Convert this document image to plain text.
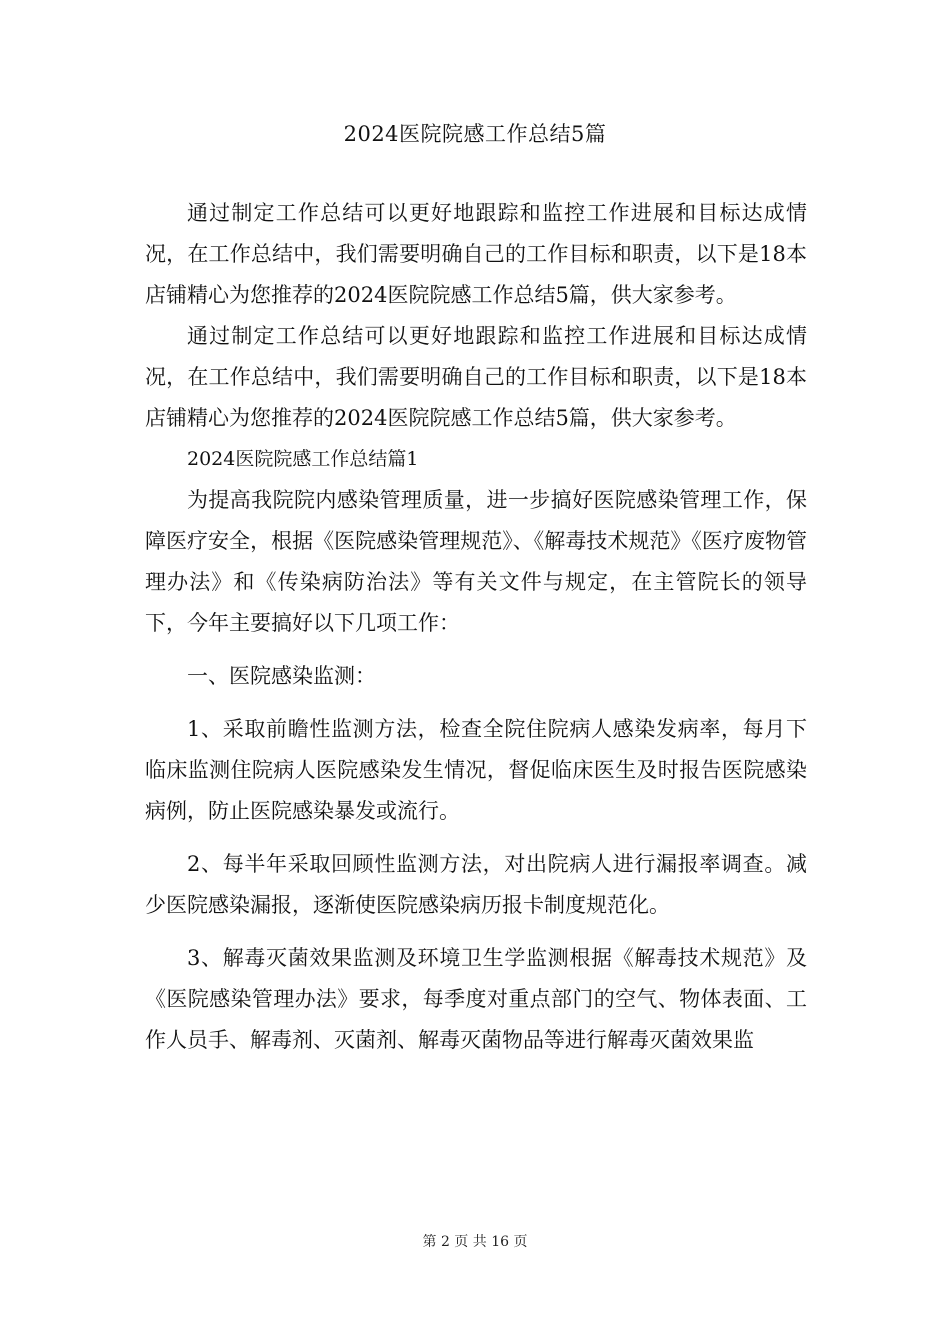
2024医院院感工作总结5篇

通过制定工作总结可以更好地跟踪和监控工作进展和目标达成情况，在工作总结中，我们需要明确自己的工作目标和职责，以下是18本店铺精心为您推荐的2024医院院感工作总结5篇，供大家参考。

通过制定工作总结可以更好地跟踪和监控工作进展和目标达成情况，在工作总结中，我们需要明确自己的工作目标和职责，以下是18本店铺精心为您推荐的2024医院院感工作总结5篇，供大家参考。

2024医院院感工作总结篇1

为提高我院院内感染管理质量，进一步搞好医院感染管理工作，保障医疗安全，根据《医院感染管理规范》、《解毒技术规范》《医疗废物管理办法》和《传染病防治法》等有关文件与规定，在主管院长的领导下，今年主要搞好以下几项工作：

一、医院感染监测：

1、采取前瞻性监测方法，检查全院住院病人感染发病率，每月下临床监测住院病人医院感染发生情况，督促临床医生及时报告医院感染病例，防止医院感染暴发或流行。

2、每半年采取回顾性监测方法，对出院病人进行漏报率调查。减少医院感染漏报，逐渐使医院感染病历报卡制度规范化。

3、解毒灭菌效果监测及环境卫生学监测根据《解毒技术规范》及《医院感染管理办法》要求，每季度对重点部门的空气、物体表面、工作人员手、解毒剂、灭菌剂、解毒灭菌物品等进行解毒灭菌效果监

第 2 页 共 16 页
